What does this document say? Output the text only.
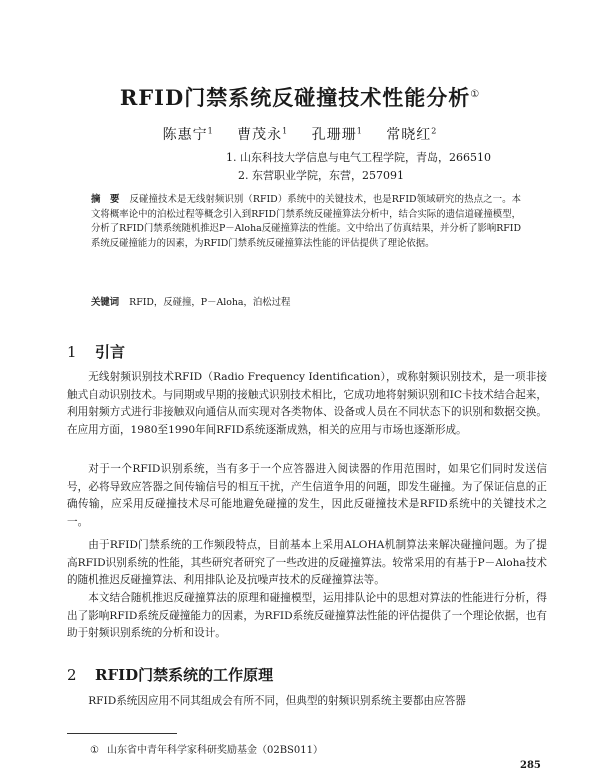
RFID门禁系统反碰撞技术性能分析①
陈惠宁$^1$ 曹茂永$^1$ 孔珊珊$^1$ 常晓红$^2$
1. 山东科技大学信息与电气工程学院，青岛，266510
2. 东营职业学院，东营，257091
摘　要 反碰撞技术是无线射频识别（RFID）系统中的关键技术，也是RFID领域研究的热点之一。本文将概率论中的泊松过程等概念引入到RFID门禁系统反碰撞算法分析中，结合实际的遗信道碰撞模型，分析了RFID门禁系统随机推迟P－Aloha反碰撞算法的性能。文中给出了仿真结果，并分析了影响RFID系统反碰撞能力的因素，为RFID门禁系统反碰撞算法性能的评估提供了理论依据。
关键词 RFID，反碰撞，P－Aloha，泊松过程
1 引言
无线射频识别技术RFID（Radio Frequency Identification），或称射频识别技术，是一项非接触式自动识别技术。与同期或早期的接触式识别技术相比，它成功地将射频识别和IC卡技术结合起来，利用射频方式进行非接触双向通信从而实现对各类物体、设备或人员在不同状态下的识别和数据交换。在应用方面，1980至1990年间RFID系统逐渐成熟，相关的应用与市场也逐渐形成。
对于一个RFID识别系统，当有多于一个应答器进入阅读器的作用范围时，如果它们同时发送信号，必将导致应答器之间传输信号的相互干扰，产生信道争用的问题，即发生碰撞。为了保证信息的正确传输，应采用反碰撞技术尽可能地避免碰撞的发生，因此反碰撞技术是RFID系统中的关键技术之一。
由于RFID门禁系统的工作频段特点，目前基本上采用ALOHA机制算法来解决碰撞问题。为了提高RFID识别系统的性能，其些研究者研究了一些改进的反碰撞算法。较常采用的有基于P－Aloha技术的随机推迟反碰撞算法、利用排队论及抗噪声技术的反碰撞算法等。
本文结合随机推迟反碰撞算法的原理和碰撞模型，运用排队论中的思想对算法的性能进行分析，得出了影响RFID系统反碰撞能力的因素，为RFID系统反碰撞算法性能的评估提供了一个理论依据，也有助于射频识别系统的分析和设计。
2 RFID门禁系统的工作原理
RFID系统因应用不同其组成会有所不同，但典型的射频识别系统主要都由应答器
① 山东省中青年科学家科研奖励基金（02BS011）
285
